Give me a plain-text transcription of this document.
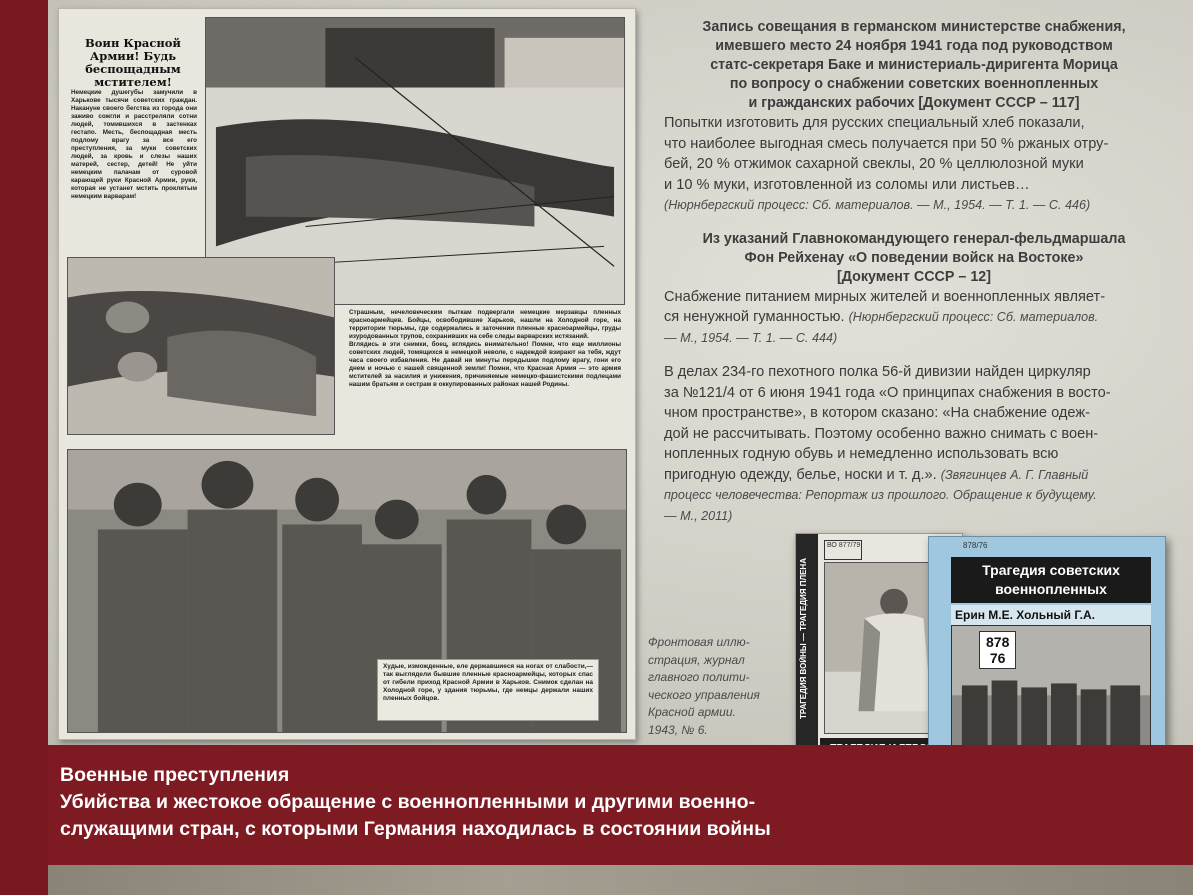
Воин Красной Армии! Будь беспощадным мстителем!
Немецкие душегубы замучили в Харькове тысячи советских граждан. Накануне своего бегства из города они заживо сожгли и расстреляли сотни людей, томившихся в застенках гестапо. Месть, беспощадная месть подлому врагу за все его преступления, за муки советских людей, за кровь и слезы наших матерей, сестер, детей! Не уйти немецким палачам от суровой карающей руки Красной Армии, руки, которая не устанет мстить проклятым немецким варварам!

Страшным, нечеловеческим пыткам подвергали немецкие мерзавцы пленных красноармейцев. Бойцы, освободившие Харьков, нашли на Холодной горе, на территории тюрьмы, где содержались в заточении пленные красноармейцы, груды изуродованных трупов, сохранивших на себе следы варварских истязаний.

Вглядись в эти снимки, боец, вглядись внимательно! Помни, что еще миллионы советских людей, томящихся в немецкой неволе, с надеждой взирают на тебя, ждут часа своего избавления. Не давай ни минуты передышки подлому врагу, гони его днем и ночью с нашей священной земли! Помни, что Красная Армия — это армия мстителей за насилия и унижения, причиняемые немецко-фашистскими подлецами нашим братьям и сестрам в оккупированных районах нашей Родины.

Худые, изможденные, еле державшиеся на ногах от слабости,— так выглядели бывшие пленные красноармейцы, которых спас от гибели приход Красной Армии в Харьков. Снимок сделан на Холодной горе, у здания тюрьмы, где немцы держали наших пленных бойцов.
Запись совещания в германском министерстве снабжения,
имевшего место 24 ноября 1941 года под руководством
статс-секретаря Баке и министериаль-диригента Морица
по вопросу о снабжении советских военнопленных
и гражданских рабочих [Документ СССР – 117]
Попытки изготовить для русских специальный хлеб показали,
что наиболее выгодная смесь получается при 50 % ржаных отру-
бей, 20 % отжимок сахарной свеклы, 20 % целлюлозной муки
и 10 % муки, изготовленной из соломы или листьев…
(Нюрнбергский процесс: Сб. материалов. — М., 1954. — Т. 1. — С. 446)
Из указаний Главнокомандующего генерал-фельдмаршала
Фон Рейхенау «О поведении войск на Востоке»
[Документ СССР – 12]
Снабжение питанием мирных жителей и военнопленных являет-
ся ненужной гуманностью. (Нюрнбергский процесс: Сб. материалов.
— М., 1954. — Т. 1. — С. 444)
В делах 234-го пехотного полка 56-й дивизии найден циркуляр
за №121/4 от 6 июня 1941 года «О принципах снабжения в восто-
чном пространстве», в котором сказано: «На снабжение одеж-
дой не рассчитывать. Поэтому особенно важно снимать с воен-
нопленных годную обувь и немедленно использовать всю
пригодную одежду, белье, носки и т. д.». (Звягинцев А. Г. Главный
процесс человечества: Репортаж из прошлого. Обращение к будущему.
— М., 2011)
Фронтовая иллю-
страция, журнал
главного полити-
ческого управления
Красной армии.
1943, № 6.
ТРАГЕДИЯ ВОЙНЫ — ТРАГЕДИЯ ПЛЕНА
ВО 877/79	878/76
Трагедия советских
военнопленных
Ерин М.Е. Хольный Г.А.
878
76
Военные преступления
Убийства и жестокое обращение с военнопленными и другими военно-
служащими стран, с которыми Германия находилась в состоянии войны
